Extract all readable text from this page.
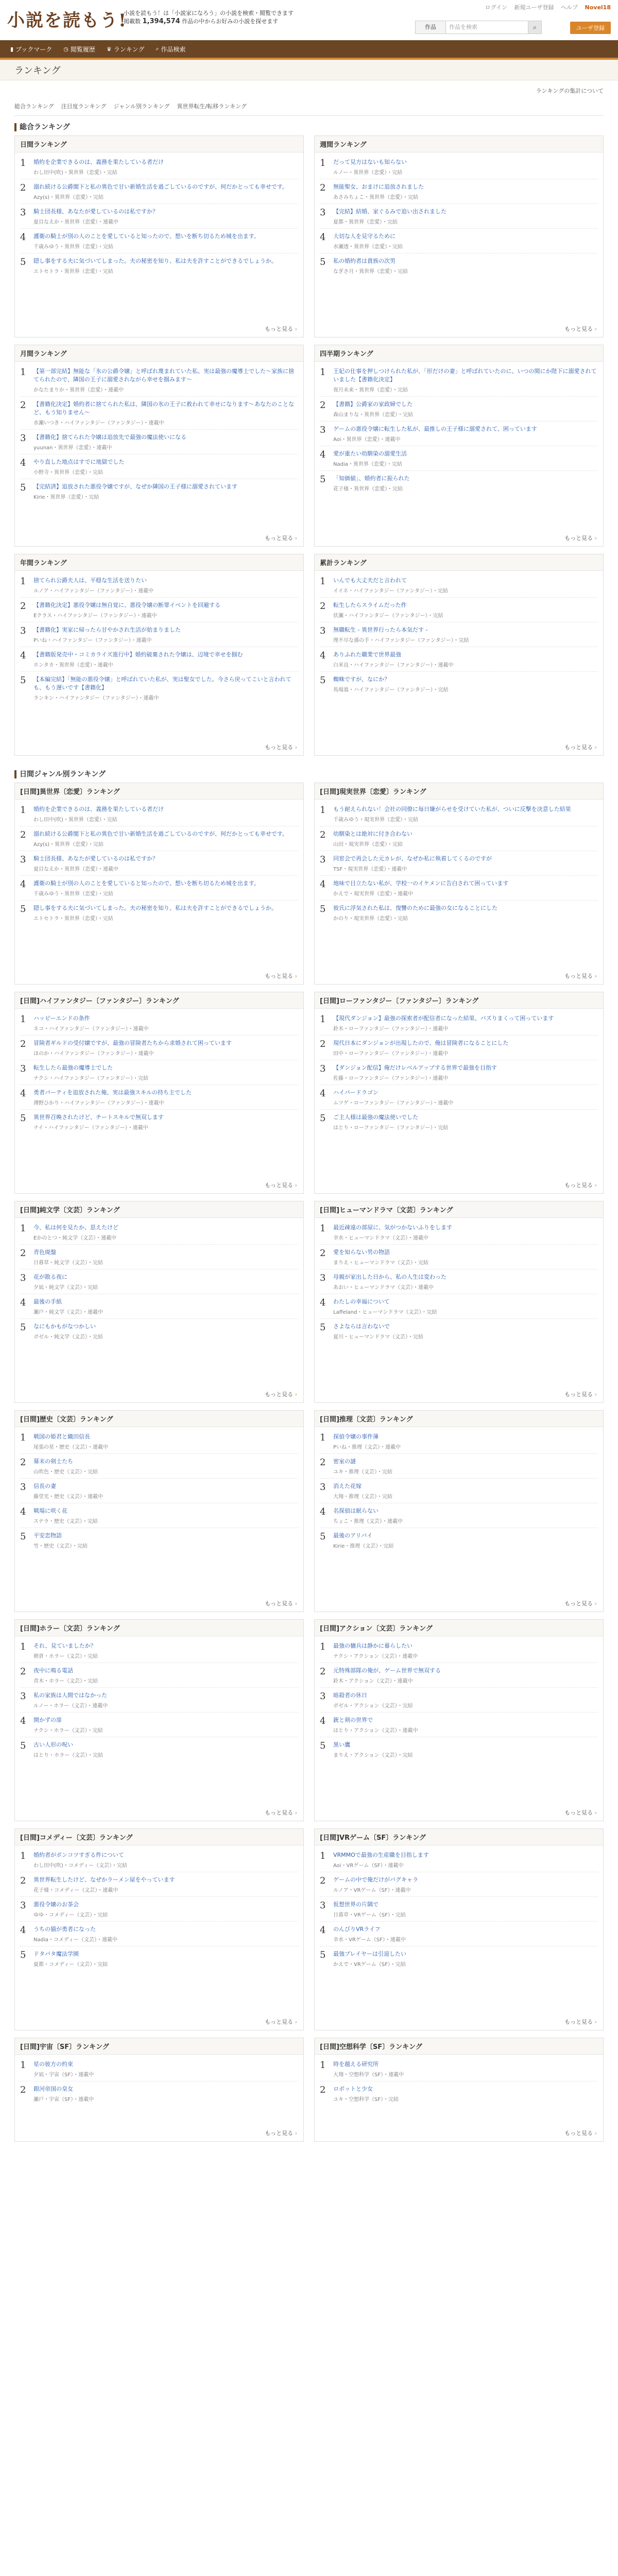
小説を読もう!
小説を読もう！は「小説家になろう」の小説を検索・閲覧できます
掲載数 1,394,574 作品の中からお好みの小説を探せます
ログイン 新規ユーザ登録 ヘルプ Novel18
作品	作品を検索	⌕	ユーザ登録
▮ ブックマーク ◷ 閲覧履歴 ♛ ランキング ⌕ 作品検索
ランキング
ランキングの集計について
総合ランキング 注目度ランキング ジャンル別ランキング 異世界転生/転移ランキング
総合ランキング
日間ランキング
1	婚約を企業できるのは、義務を果たしている者だけ
わし田中(吹)・異世界（恋愛）・完結
2	溺れ続ける公爵閣下と私の異色で甘い新婚生活を過ごしているのですが、何だかとっても幸せです。
Azy(s)・異世界（恋愛）・完結
3	騎士団長様、あなたが愛しているのは私ですか？
夏目なえか・異世界（恋愛）・連載中
4	護衛の騎士が別の人のことを愛していると知ったので、想いを断ち切るため城を出ます。
千歳みゆう・異世界（恋愛）・完結
5	隠し事をする夫に気づいてしまった。夫の秘密を知り、私は夫を許すことができるでしょうか。
エトセトラ・異世界（恋愛）・完結
もっと見る ›
週間ランキング
1	だって見方はないも知らない
ルノー・異世界（恋愛）・完結
2	無能聖女、おまけに追放されました
あさみちょこ・異世界（恋愛）・完結
3	【完結】結婚、家ぐるみで追い出されました
夏都・異世界（恋愛）・完結
4	大切な人を見守るために
水瀬透・異世界（恋愛）・完結
5	私の婚約者は貴族の次男
なぎさ月・異世界（恋愛）・完結
もっと見る ›
月間ランキング
1	【第一部完結】無能な「氷の公爵令嬢」と呼ばれ蔑まれていた私、実は最強の魔導士でした～家族に捨てられたので、隣国の王子に溺愛されながら幸せを掴みます～
かなたまりか・異世界（恋愛）・連載中
2	【書籍化決定】婚約者に捨てられた私は、隣国の氷の王子に救われて幸せになります～あなたのことなど、もう知りません～
水瀬いつき・ハイファンタジー（ファンタジー）・連載中
3	【書籍化】捨てられた令嬢は追放先で最強の魔法使いになる
yuunan・異世界（恋愛）・連載中
4	やり直した地点はすでに地獄でした
小野寺・異世界（恋愛）・完結
5	【完結済】追放された悪役令嬢ですが、なぜか隣国の王子様に溺愛されています
Kirie・異世界（恋愛）・完結
もっと見る ›
四半期ランキング
1	王妃の仕事を押しつけられた私が、「形だけの妻」と呼ばれていたのに、いつの間にか陛下に溺愛されていました【書籍化決定】
夜月未来・異世界（恋愛）・完結
2	【書籍】公爵家の家政婦でした
森山まりな・異世界（恋愛）・完結
3	ゲームの悪役令嬢に転生した私が、最推しの王子様に溺愛されて、困っています
Aoi・異世界（恋愛）・連載中
4	愛が重たい幼馴染の溺愛生活
Nadia・異世界（恋愛）・完結
5	「知価値」、婚約者に振られた
花子様・異世界（恋愛）・完結
もっと見る ›
年間ランキング
1	捨てられ公爵夫人は、平穏な生活を送りたい
ルノア・ハイファンタジー（ファンタジー）・連載中
2	【書籍化決定】悪役令嬢は無自覚に、悪役令嬢の断罪イベントを回避する
Eクラス・ハイファンタジー（ファンタジー）・連載中
3	【書籍化】実家に帰ったら甘やかされ生活が始まりました
Pいね・ハイファンタジー（ファンタジー）・連載中
4	【書籍版発売中・コミカライズ進行中】婚約破棄された令嬢は、辺境で幸せを掴む
ホンタカ・異世界（恋愛）・連載中
5	【本編完結】「無能の悪役令嬢」と呼ばれていた私が、実は聖女でした。今さら戻ってこいと言われても、もう遅いです【書籍化】
ランキン・ハイファンタジー（ファンタジー）・連載中
もっと見る ›
累計ランキング
1	いんでも大丈夫だと言われて
イイネ・ハイファンタジー（ファンタジー）・完結
2	転生したらスライムだった件
伏瀬・ハイファンタジー（ファンタジー）・完結
3	無職転生 - 異世界行ったら本気だす -
理不尽な孫の手・ハイファンタジー（ファンタジー）・完結
4	ありふれた職業で世界最強
白米良・ハイファンタジー（ファンタジー）・連載中
5	蜘蛛ですが、なにか？
馬場翁・ハイファンタジー（ファンタジー）・完結
もっと見る ›
日間ジャンル別ランキング
[日間]異世界〔恋愛〕ランキング
1	婚約を企業できるのは、義務を果たしている者だけ
わし田中(吹)・異世界（恋愛）・完結
2	溺れ続ける公爵閣下と私の異色で甘い新婚生活を過ごしているのですが、何だかとっても幸せです。
Azy(s)・異世界（恋愛）・完結
3	騎士団長様、あなたが愛しているのは私ですか？
夏目なえか・異世界（恋愛）・連載中
4	護衛の騎士が別の人のことを愛していると知ったので、想いを断ち切るため城を出ます。
千歳みゆう・異世界（恋愛）・完結
5	隠し事をする夫に気づいてしまった。夫の秘密を知り、私は夫を許すことができるでしょうか。
エトセトラ・異世界（恋愛）・完結
もっと見る ›
[日間]現実世界〔恋愛〕ランキング
1	もう耐えられない！会社の同僚に毎日嫌がらせを受けていた私が、ついに反撃を決意した結果
千歳みゆう・現実世界（恋愛）・完結
2	幼馴染とは絶対に付き合わない
山田・現実世界（恋愛）・完結
3	同窓会で再会した元カレが、なぜか私に執着してくるのですが
TSF・現実世界（恋愛）・連載中
4	地味で目立たない私が、学校一のイケメンに告白されて困っています
かえで・現実世界（恋愛）・連載中
5	彼氏に浮気された私は、復讐のために最強の女になることにした
かのり・現実世界（恋愛）・完結
もっと見る ›
[日間]ハイファンタジー〔ファンタジー〕ランキング
1	ハッピーエンドの条件
ネコ・ハイファンタジー（ファンタジー）・連載中
2	冒険者ギルドの受付嬢ですが、最強の冒険者たちから求婚されて困っています
ほのか・ハイファンタジー（ファンタジー）・連載中
3	転生したら最強の魔導士でした
ナクシ・ハイファンタジー（ファンタジー）・完結
4	勇者パーティを追放された俺、実は最強スキルの持ち主でした
薄野ひかり・ハイファンタジー（ファンタジー）・連載中
5	異世界召喚されたけど、チートスキルで無双します
ナイ・ハイファンタジー（ファンタジー）・連載中
もっと見る ›
[日間]ローファンタジー〔ファンタジー〕ランキング
1	【現代ダンジョン】最強の探索者が配信者になった結果、バズりまくって困っています
鈴木・ローファンタジー（ファンタジー）・連載中
2	現代日本にダンジョンが出現したので、俺は冒険者になることにした
田中・ローファンタジー（ファンタジー）・連載中
3	【ダンジョン配信】俺だけレベルアップする世界で最強を目指す
佐藤・ローファンタジー（ファンタジー）・連載中
4	ハイパードラゴン
ムツゲ・ローファンタジー（ファンタジー）・連載中
5	ご主人様は最強の魔法使いでした
はとり・ローファンタジー（ファンタジー）・完結
もっと見る ›
[日間]純文学〔文芸〕ランキング
1	今、私は何を見たか、思えたけど
Eかのとつ・純文学（文芸）・連載中
2	青色廃盤
日暮草・純文学（文芸）・完結
3	花が散る夜に
夕凪・純文学（文芸）・完結
4	最後の手紙
瀬戸・純文学（文芸）・連載中
5	なにもかもがなつかしい
ポゼル・純文学（文芸）・完結
もっと見る ›
[日間]ヒューマンドラマ〔文芸〕ランキング
1	最近疎遠の部屋に、気がつかないふりをします
幸水・ヒューマンドラマ（文芸）・連載中
2	愛を知らない男の物語
まりえ・ヒューマンドラマ（文芸）・完結
3	母親が家出した日から、私の人生は変わった
あおい・ヒューマンドラマ（文芸）・連載中
4	わたしの幸福について
Laffeland・ヒューマンドラマ（文芸）・完結
5	さよならは言わないで
夏川・ヒューマンドラマ（文芸）・完結
もっと見る ›
[日間]歴史〔文芸〕ランキング
1	戦国の姫君と織田信長
尾張の星・歴史（文芸）・連載中
2	幕末の剣士たち
山吹色・歴史（文芸）・完結
3	信長の妻
藤堂光・歴史（文芸）・連載中
4	戦場に咲く花
ステラ・歴史（文芸）・完結
5	平安恋物語
雪・歴史（文芸）・完結
もっと見る ›
[日間]推理〔文芸〕ランキング
1	探偵令嬢の事件簿
Pいね・推理（文芸）・連載中
2	密室の謎
ユキ・推理（文芸）・完結
3	消えた花嫁
大翔・推理（文芸）・完結
4	名探偵は眠らない
ちょこ・推理（文芸）・連載中
5	最後のアリバイ
Kirie・推理（文芸）・完結
もっと見る ›
[日間]ホラー〔文芸〕ランキング
1	それ、見ていましたか？
朝倉・ホラー（文芸）・完結
2	夜中に鳴る電話
青木・ホラー（文芸）・完結
3	私の家族は人間ではなかった
ルノー・ホラー（文芸）・連載中
4	開かずの扉
ナクシ・ホラー（文芸）・完結
5	古い人形の呪い
はとり・ホラー（文芸）・完結
もっと見る ›
[日間]アクション〔文芸〕ランキング
1	最強の傭兵は静かに暮らしたい
ナクシ・アクション（文芸）・連載中
2	元特殊部隊の俺が、ゲーム世界で無双する
鈴木・アクション（文芸）・連載中
3	暗殺者の休日
ポゼル・アクション（文芸）・完結
4	銃と剣の世界で
はとり・アクション（文芸）・連載中
5	黒い鷹
まりえ・アクション（文芸）・完結
もっと見る ›
[日間]コメディー〔文芸〕ランキング
1	婚約者がポンコツすぎる件について
わし田中(吹)・コメディー（文芸）・完結
2	異世界転生したけど、なぜかラーメン屋をやっています
花子様・コメディー（文芸）・連載中
3	悪役令嬢のお茶会
ゆゆ・コメディー（文芸）・完結
4	うちの猫が勇者になった
Nadia・コメディー（文芸）・連載中
5	ドタバタ魔法学園
夏都・コメディー（文芸）・完結
もっと見る ›
[日間]VRゲーム〔SF〕ランキング
1	VRMMOで最強の生産職を目指します
Aoi・VRゲーム（SF）・連載中
2	ゲームの中で俺だけがバグキャラ
ルノア・VRゲーム（SF）・連載中
3	仮想世界の片隅で
日暮草・VRゲーム（SF）・完結
4	のんびりVRライフ
幸水・VRゲーム（SF）・連載中
5	最強プレイヤーは引退したい
かえで・VRゲーム（SF）・完結
もっと見る ›
[日間]宇宙〔SF〕ランキング
1	星の彼方の約束
夕凪・宇宙（SF）・連載中
2	銀河帝国の皇女
瀬戸・宇宙（SF）・連載中
もっと見る ›
[日間]空想科学〔SF〕ランキング
1	時を越える研究所
大翔・空想科学（SF）・連載中
2	ロボットと少女
ユキ・空想科学（SF）・完結
もっと見る ›
